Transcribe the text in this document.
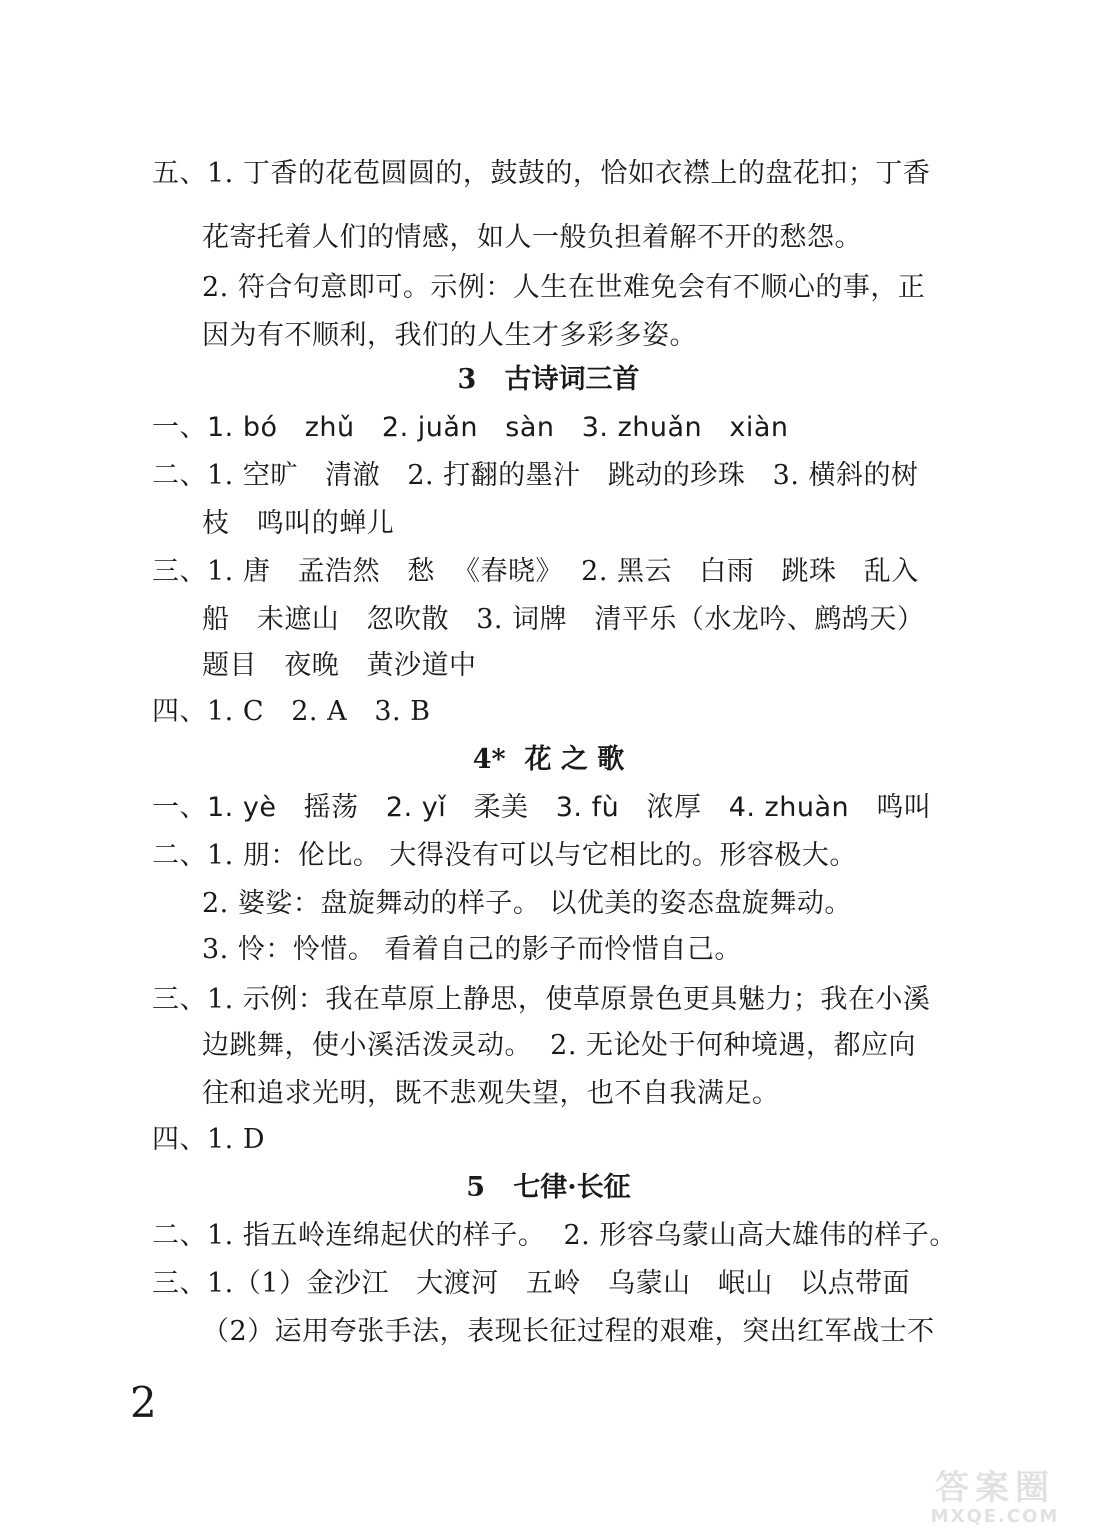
五、1. 丁香的花苞圆圆的，鼓鼓的，恰如衣襟上的盘花扣；丁香
花寄托着人们的情感，如人一般负担着解不开的愁怨。
2. 符合句意即可。示例：人生在世难免会有不顺心的事，正
因为有不顺利，我们的人生才多彩多姿。
3   古诗词三首
一、1. bó   zhǔ   2. juǎn   sàn   3. zhuǎn   xiàn
二、1. 空旷   清澈   2. 打翻的墨汁   跳动的珍珠   3. 横斜的树
枝   鸣叫的蝉儿
三、1. 唐   孟浩然   愁  《春晓》  2. 黑云   白雨   跳珠   乱入
船   未遮山   忽吹散   3. 词牌   清平乐（水龙吟、鹧鸪天）
题目   夜晚   黄沙道中
四、1. C   2. A   3. B
4*  花 之 歌
一、1. yè   摇荡   2. yǐ   柔美   3. fù   浓厚   4. zhuàn   鸣叫
二、1. 朋：伦比。 大得没有可以与它相比的。形容极大。
2. 婆娑：盘旋舞动的样子。 以优美的姿态盘旋舞动。
3. 怜：怜惜。 看着自己的影子而怜惜自己。
三、1. 示例：我在草原上静思，使草原景色更具魅力；我在小溪
边跳舞，使小溪活泼灵动。  2. 无论处于何种境遇，都应向
往和追求光明，既不悲观失望，也不自我满足。
四、1. D
5   七律·长征
二、1. 指五岭连绵起伏的样子。  2. 形容乌蒙山高大雄伟的样子。
三、1.（1）金沙江   大渡河   五岭   乌蒙山   岷山   以点带面
（2）运用夸张手法，表现长征过程的艰难，突出红军战士不
2
答案圈
MXQE.COM
